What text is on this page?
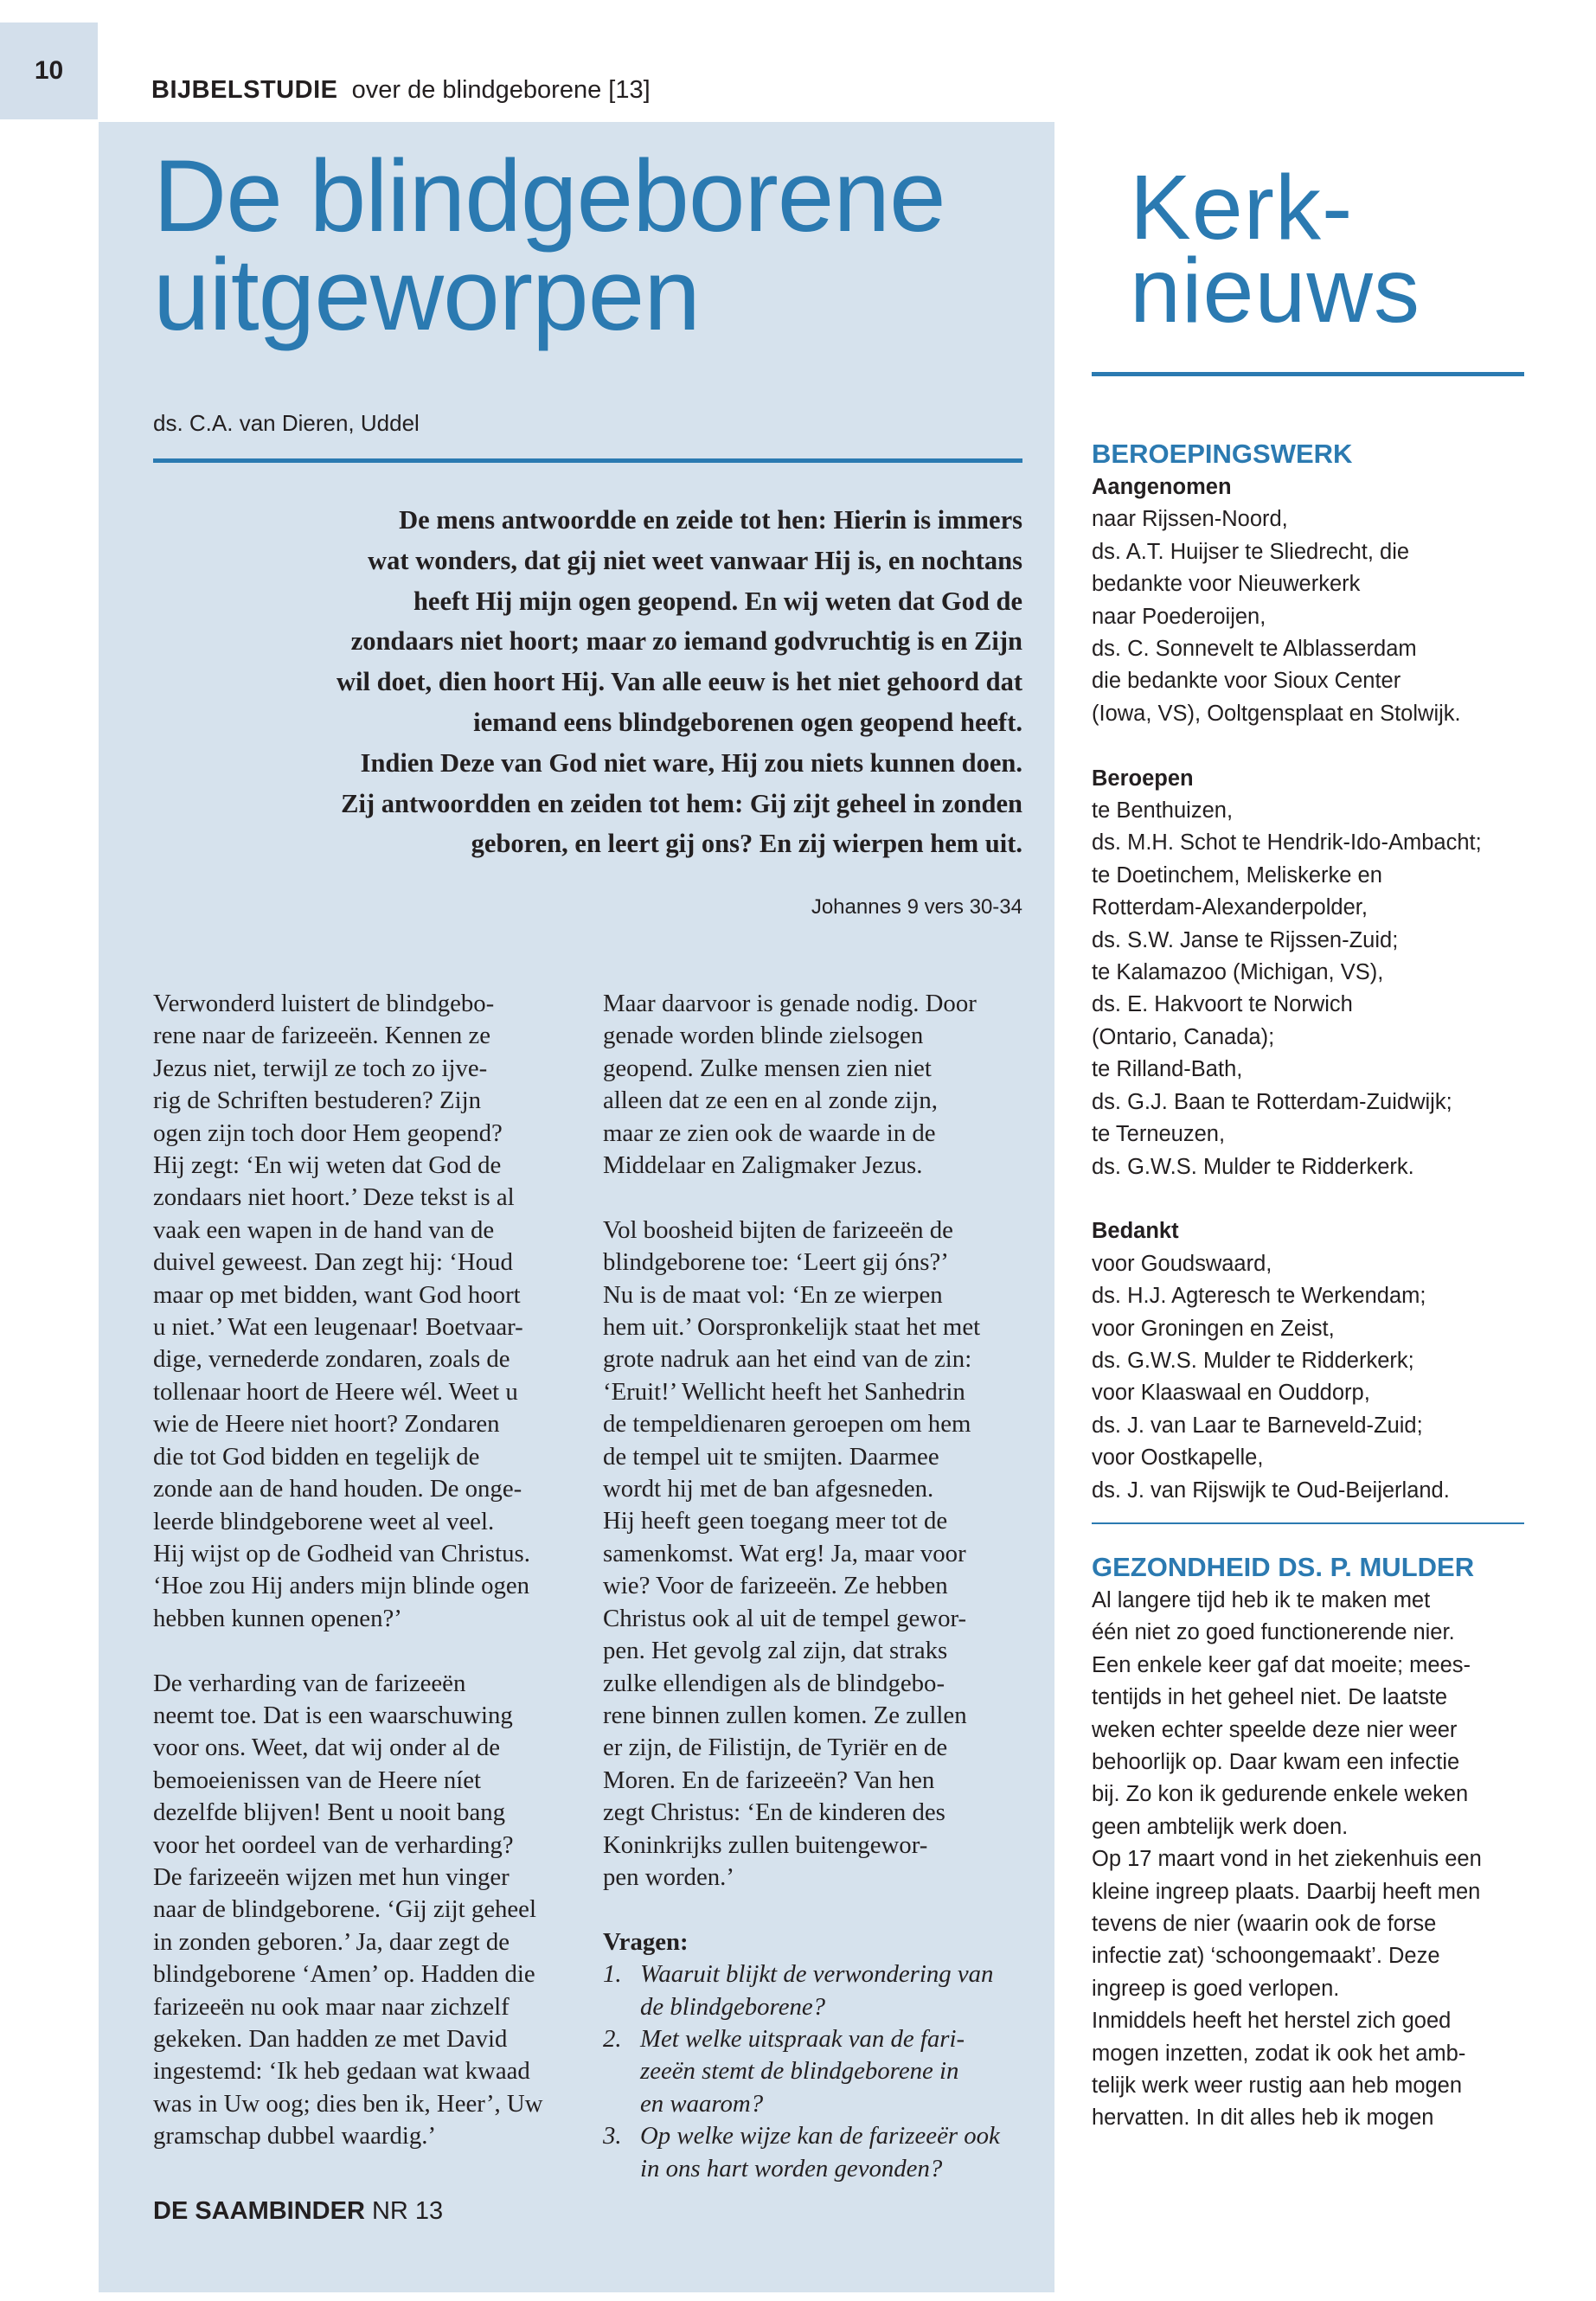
10
BIJBELSTUDIE over de blindgeborene [13]
De blindgeborene
uitgeworpen
ds. C.A. van Dieren, Uddel
De mens antwoordde en zeide tot hen: Hierin is immers
wat wonders, dat gij niet weet vanwaar Hij is, en nochtans
heeft Hij mijn ogen geopend. En wij weten dat God de
zondaars niet hoort; maar zo iemand godvruchtig is en Zijn
wil doet, dien hoort Hij. Van alle eeuw is het niet gehoord dat
iemand eens blindgeborenen ogen geopend heeft.
Indien Deze van God niet ware, Hij zou niets kunnen doen.
Zij antwoordden en zeiden tot hem: Gij zijt geheel in zonden
geboren, en leert gij ons? En zij wierpen hem uit.
Johannes 9 vers 30-34
Verwonderd luistert de blindgebo-
rene naar de farizeeën. Kennen ze
Jezus niet, terwijl ze toch zo ijve-
rig de Schriften bestuderen? Zijn
ogen zijn toch door Hem geopend?
Hij zegt: ‘En wij weten dat God de
zondaars niet hoort.’ Deze tekst is al
vaak een wapen in de hand van de
duivel geweest. Dan zegt hij: ‘Houd
maar op met bidden, want God hoort
u niet.’ Wat een leugenaar! Boetvaar-
dige, vernederde zondaren, zoals de
tollenaar hoort de Heere wél. Weet u
wie de Heere niet hoort? Zondaren
die tot God bidden en tegelijk de
zonde aan de hand houden. De onge-
leerde blindgeborene weet al veel.
Hij wijst op de Godheid van Christus.
‘Hoe zou Hij anders mijn blinde ogen
hebben kunnen openen?’
De verharding van de farizeeën
neemt toe. Dat is een waarschuwing
voor ons. Weet, dat wij onder al de
bemoeienissen van de Heere níet
dezelfde blijven! Bent u nooit bang
voor het oordeel van de verharding?
De farizeeën wijzen met hun vinger
naar de blindgeborene. ‘Gij zijt geheel
in zonden geboren.’ Ja, daar zegt de
blindgeborene ‘Amen’ op. Hadden die
farizeeën nu ook maar naar zichzelf
gekeken. Dan hadden ze met David
ingestemd: ‘Ik heb gedaan wat kwaad
was in Uw oog; dies ben ik, Heer’, Uw
gramschap dubbel waardig.’
Maar daarvoor is genade nodig. Door
genade worden blinde zielsogen
geopend. Zulke mensen zien niet
alleen dat ze een en al zonde zijn,
maar ze zien ook de waarde in de
Middelaar en Zaligmaker Jezus.
Vol boosheid bijten de farizeeën de
blindgeborene toe: ‘Leert gij óns?’
Nu is de maat vol: ‘En ze wierpen
hem uit.’ Oorspronkelijk staat het met
grote nadruk aan het eind van de zin:
‘Eruit!’ Wellicht heeft het Sanhedrin
de tempeldienaren geroepen om hem
de tempel uit te smijten. Daarmee
wordt hij met de ban afgesneden.
Hij heeft geen toegang meer tot de
samenkomst. Wat erg! Ja, maar voor
wie? Voor de farizeeën. Ze hebben
Christus ook al uit de tempel gewor-
pen. Het gevolg zal zijn, dat straks
zulke ellendigen als de blindgebo-
rene binnen zullen komen. Ze zullen
er zijn, de Filistijn, de Tyriër en de
Moren. En de farizeeën? Van hen
zegt Christus: ‘En de kinderen des
Koninkrijks zullen buitengewor-
pen worden.’
Vragen:
1. Waaruit blijkt de verwondering van
de blindgeborene?
2. Met welke uitspraak van de fari-
zeeën stemt de blindgeborene in
en waarom?
3. Op welke wijze kan de farizeeër ook
in ons hart worden gevonden?
DE SAAMBINDER NR 13
Kerk-
nieuws
BEROEPINGSWERK
Aangenomen
naar Rijssen-Noord,
ds. A.T. Huijser te Sliedrecht, die
bedankte voor Nieuwerkerk
naar Poederoijen,
ds. C. Sonnevelt te Alblasserdam
die bedankte voor Sioux Center
(Iowa, VS), Ooltgensplaat en Stolwijk.
Beroepen
te Benthuizen,
ds. M.H. Schot te Hendrik-Ido-Ambacht;
te Doetinchem, Meliskerke en
Rotterdam-Alexanderpolder,
ds. S.W. Janse te Rijssen-Zuid;
te Kalamazoo (Michigan, VS),
ds. E. Hakvoort te Norwich
(Ontario, Canada);
te Rilland-Bath,
ds. G.J. Baan te Rotterdam-Zuidwijk;
te Terneuzen,
ds. G.W.S. Mulder te Ridderkerk.
Bedankt
voor Goudswaard,
ds. H.J. Agteresch te Werkendam;
voor Groningen en Zeist,
ds. G.W.S. Mulder te Ridderkerk;
voor Klaaswaal en Ouddorp,
ds. J. van Laar te Barneveld-Zuid;
voor Oostkapelle,
ds. J. van Rijswijk te Oud-Beijerland.
GEZONDHEID DS. P. MULDER
Al langere tijd heb ik te maken met
één niet zo goed functionerende nier.
Een enkele keer gaf dat moeite; mees-
tentijds in het geheel niet. De laatste
weken echter speelde deze nier weer
behoorlijk op. Daar kwam een infectie
bij. Zo kon ik gedurende enkele weken
geen ambtelijk werk doen.
Op 17 maart vond in het ziekenhuis een
kleine ingreep plaats. Daarbij heeft men
tevens de nier (waarin ook de forse
infectie zat) ‘schoongemaakt’. Deze
ingreep is goed verlopen.
Inmiddels heeft het herstel zich goed
mogen inzetten, zodat ik ook het amb-
telijk werk weer rustig aan heb mogen
hervatten. In dit alles heb ik mogen
